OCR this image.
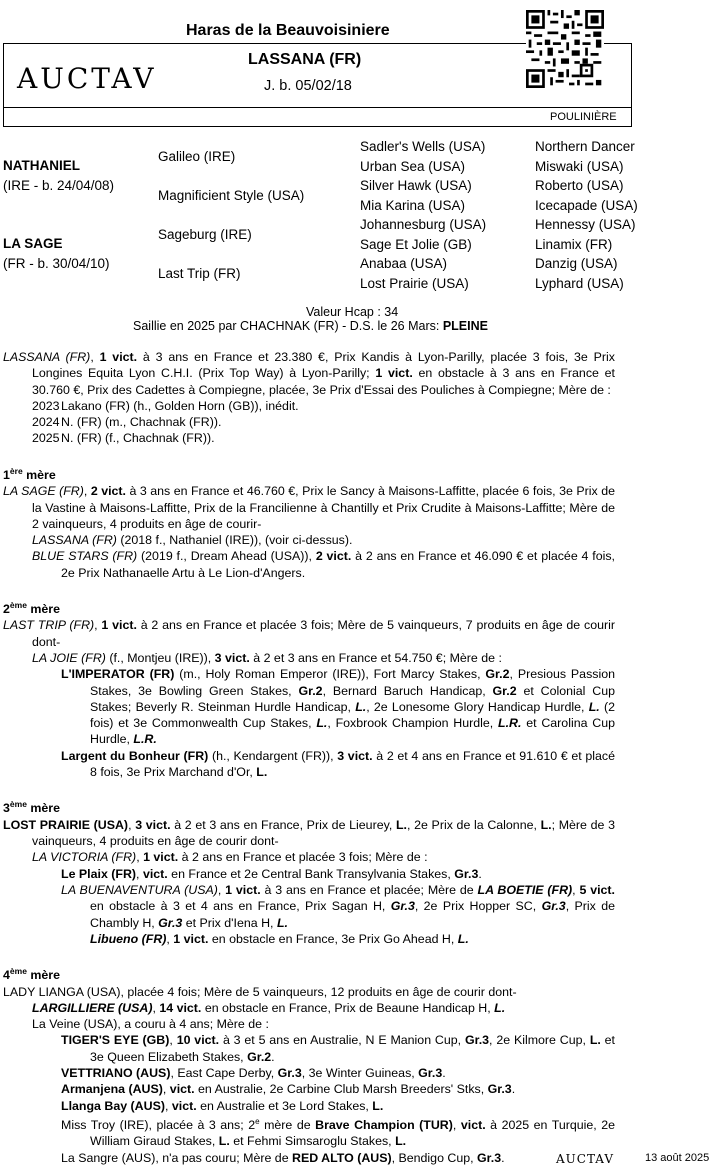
Haras de la Beauvoisiniere
AUCTAV
LASSANA (FR)
J. b. 05/02/18
POULINIÈRE
NATHANIEL
(IRE - b. 24/04/08)
LA SAGE
(FR - b. 30/04/10)
Galileo (IRE)
Magnificient Style (USA)
Sageburg (IRE)
Last Trip (FR)
Sadler's Wells (USA)
Urban Sea (USA)
Silver Hawk (USA)
Mia Karina (USA)
Johannesburg (USA)
Sage Et Jolie (GB)
Anabaa (USA)
Lost Prairie (USA)
Northern Dancer
Miswaki (USA)
Roberto (USA)
Icecapade (USA)
Hennessy (USA)
Linamix (FR)
Danzig (USA)
Lyphard (USA)
Valeur Hcap : 34
Saillie en 2025 par CHACHNAK (FR) - D.S. le 26 Mars: PLEINE

LASSANA (FR), 1 vict. à 3 ans en France et 23.380 €, Prix Kandis à Lyon-Parilly, placée 3 fois, 3e Prix Longines Equita Lyon C.H.I. (Prix Top Way) à Lyon-Parilly; 1 vict. en obstacle à 3 ans en France et 30.760 €, Prix des Cadettes à Compiegne, placée, 3e Prix d'Essai des Pouliches à Compiegne; Mère de :

2023 Lakano (FR) (h., Golden Horn (GB)), inédit.
2024 N. (FR) (m., Chachnak (FR)).
2025 N. (FR) (f., Chachnak (FR)).
1ère mère

LA SAGE (FR), 2 vict. à 3 ans en France et 46.760 €, Prix le Sancy à Maisons-Laffitte, placée 6 fois, 3e Prix de la Vastine à Maisons-Laffitte, Prix de la Francilienne à Chantilly et Prix Crudite à Maisons-Laffitte; Mère de 2 vainqueurs, 4 produits en âge de courir-

LASSANA (FR) (2018 f., Nathaniel (IRE)), (voir ci-dessus).

BLUE STARS (FR) (2019 f., Dream Ahead (USA)), 2 vict. à 2 ans en France et 46.090 € et placée 4 fois, 2e Prix Nathanaelle Artu à Le Lion-d'Angers.

2ème mère

LAST TRIP (FR), 1 vict. à 2 ans en France et placée 3 fois; Mère de 5 vainqueurs, 7 produits en âge de courir dont-

LA JOIE (FR) (f., Montjeu (IRE)), 3 vict. à 2 et 3 ans en France et 54.750 €; Mère de :

L'IMPERATOR (FR) (m., Holy Roman Emperor (IRE)), Fort Marcy Stakes, Gr.2, Presious Passion Stakes, 3e Bowling Green Stakes, Gr.2, Bernard Baruch Handicap, Gr.2 et Colonial Cup Stakes; Beverly R. Steinman Hurdle Handicap, L., 2e Lonesome Glory Handicap Hurdle, L. (2 fois) et 3e Commonwealth Cup Stakes, L., Foxbrook Champion Hurdle, L.R. et Carolina Cup Hurdle, L.R.

Largent du Bonheur (FR) (h., Kendargent (FR)), 3 vict. à 2 et 4 ans en France et 91.610 € et placé 8 fois, 3e Prix Marchand d'Or, L.

3ème mère

LOST PRAIRIE (USA), 3 vict. à 2 et 3 ans en France, Prix de Lieurey, L., 2e Prix de la Calonne, L.; Mère de 3 vainqueurs, 4 produits en âge de courir dont-

LA VICTORIA (FR), 1 vict. à 2 ans en France et placée 3 fois; Mère de :

Le Plaix (FR), vict. en France et 2e Central Bank Transylvania Stakes, Gr.3.

LA BUENAVENTURA (USA), 1 vict. à 3 ans en France et placée; Mère de LA BOETIE (FR), 5 vict. en obstacle à 3 et 4 ans en France, Prix Sagan H, Gr.3, 2e Prix Hopper SC, Gr.3, Prix de Chambly H, Gr.3 et Prix d'Iena H, L.
Libueno (FR), 1 vict. en obstacle en France, 3e Prix Go Ahead H, L.

4ème mère

LADY LIANGA (USA), placée 4 fois; Mère de 5 vainqueurs, 12 produits en âge de courir dont-

LARGILLIERE (USA), 14 vict. en obstacle en France, Prix de Beaune Handicap H, L.

La Veine (USA), a couru à 4 ans; Mère de :

TIGER'S EYE (GB), 10 vict. à 3 et 5 ans en Australie, N E Manion Cup, Gr.3, 2e Kilmore Cup, L. et 3e Queen Elizabeth Stakes, Gr.2.

VETTRIANO (AUS), East Cape Derby, Gr.3, 3e Winter Guineas, Gr.3.

Armanjena (AUS), vict. en Australie, 2e Carbine Club Marsh Breeders' Stks, Gr.3.

Llanga Bay (AUS), vict. en Australie et 3e Lord Stakes, L.

Miss Troy (IRE), placée à 3 ans; 2e mère de Brave Champion (TUR), vict. à 2025 en Turquie, 2e William Giraud Stakes, L. et Fehmi Simsaroglu Stakes, L.

La Sangre (AUS), n'a pas couru; Mère de RED ALTO (AUS), Bendigo Cup, Gr.3.	AUCTAV	13 août 2025
